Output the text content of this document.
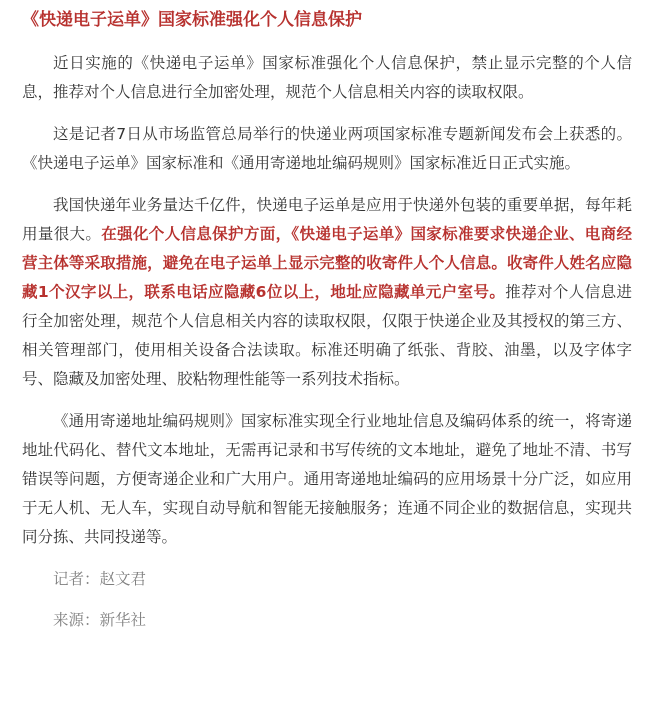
《快递电子运单》国家标准强化个人信息保护

近日实施的《快递电子运单》国家标准强化个人信息保护，禁止显示完整的个人信息，推荐对个人信息进行全加密处理，规范个人信息相关内容的读取权限。

这是记者7日从市场监管总局举行的快递业两项国家标准专题新闻发布会上获悉的。《快递电子运单》国家标准和《通用寄递地址编码规则》国家标准近日正式实施。

我国快递年业务量达千亿件，快递电子运单是应用于快递外包装的重要单据，每年耗用量很大。在强化个人信息保护方面，《快递电子运单》国家标准要求快递企业、电商经营主体等采取措施，避免在电子运单上显示完整的收寄件人个人信息。收寄件人姓名应隐藏1个汉字以上，联系电话应隐藏6位以上，地址应隐藏单元户室号。推荐对个人信息进行全加密处理，规范个人信息相关内容的读取权限，仅限于快递企业及其授权的第三方、相关管理部门，使用相关设备合法读取。标准还明确了纸张、背胶、油墨，以及字体字号、隐藏及加密处理、胶粘物理性能等一系列技术指标。

《通用寄递地址编码规则》国家标准实现全行业地址信息及编码体系的统一，将寄递地址代码化、替代文本地址，无需再记录和书写传统的文本地址，避免了地址不清、书写错误等问题，方便寄递企业和广大用户。通用寄递地址编码的应用场景十分广泛，如应用于无人机、无人车，实现自动导航和智能无接触服务；连通不同企业的数据信息，实现共同分拣、共同投递等。

记者：赵文君

来源：新华社
